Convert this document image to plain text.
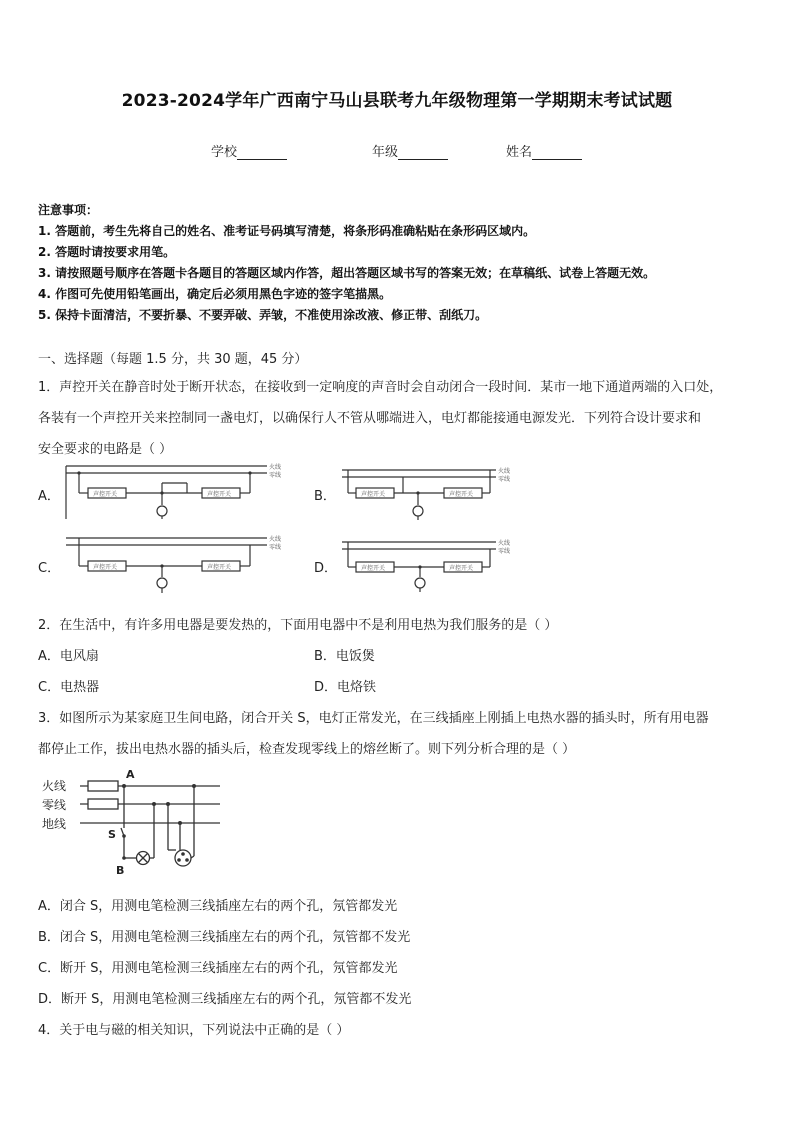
2023-2024学年广西南宁马山县联考九年级物理第一学期期末考试试题
学校	年级	姓名
注意事项：
1. 答题前，考生先将自己的姓名、准考证号码填写清楚，将条形码准确粘贴在条形码区域内。
2. 答题时请按要求用笔。
3. 请按照题号顺序在答题卡各题目的答题区域内作答，超出答题区域书写的答案无效；在草稿纸、试卷上答题无效。
4. 作图可先使用铅笔画出，确定后必须用黑色字迹的签字笔描黑。
5. 保持卡面清洁，不要折暴、不要弄破、弄皱，不准使用涂改液、修正带、刮纸刀。
一、选择题（每题 1.5 分，共 30 题，45 分）
1．声控开关在静音时处于断开状态，在接收到一定响度的声音时会自动闭合一段时间．某市一地下通道两端的入口处，
各装有一个声控开关来控制同一盏电灯，以确保行人不管从哪端进入，电灯都能接通电源发光．下列符合设计要求和
安全要求的电路是（ ）
A．	B．
C．	D．
火线
零线
声控开关	声控开关
火线
零线
声控开关	声控开关
火线
零线
声控开关	声控开关
火线
零线
声控开关	声控开关
2．在生活中，有许多用电器是要发热的，下面用电器中不是利用电热为我们服务的是（ ）
A．电风扇	B．电饭煲
C．电热器	D．电烙铁
3．如图所示为某家庭卫生间电路，闭合开关 S，电灯正常发光，在三线插座上刚插上电热水器的插头时，所有用电器
都停止工作，拔出电热水器的插头后，检查发现零线上的熔丝断了。则下列分析合理的是（ ）
火线
零线
地线
A
S
B
A．闭合 S，用测电笔检测三线插座左右的两个孔，氖管都发光
B．闭合 S，用测电笔检测三线插座左右的两个孔，氖管都不发光
C．断开 S，用测电笔检测三线插座左右的两个孔，氖管都发光
D．断开 S，用测电笔检测三线插座左右的两个孔，氖管都不发光
4．关于电与磁的相关知识，下列说法中正确的是（ ）
